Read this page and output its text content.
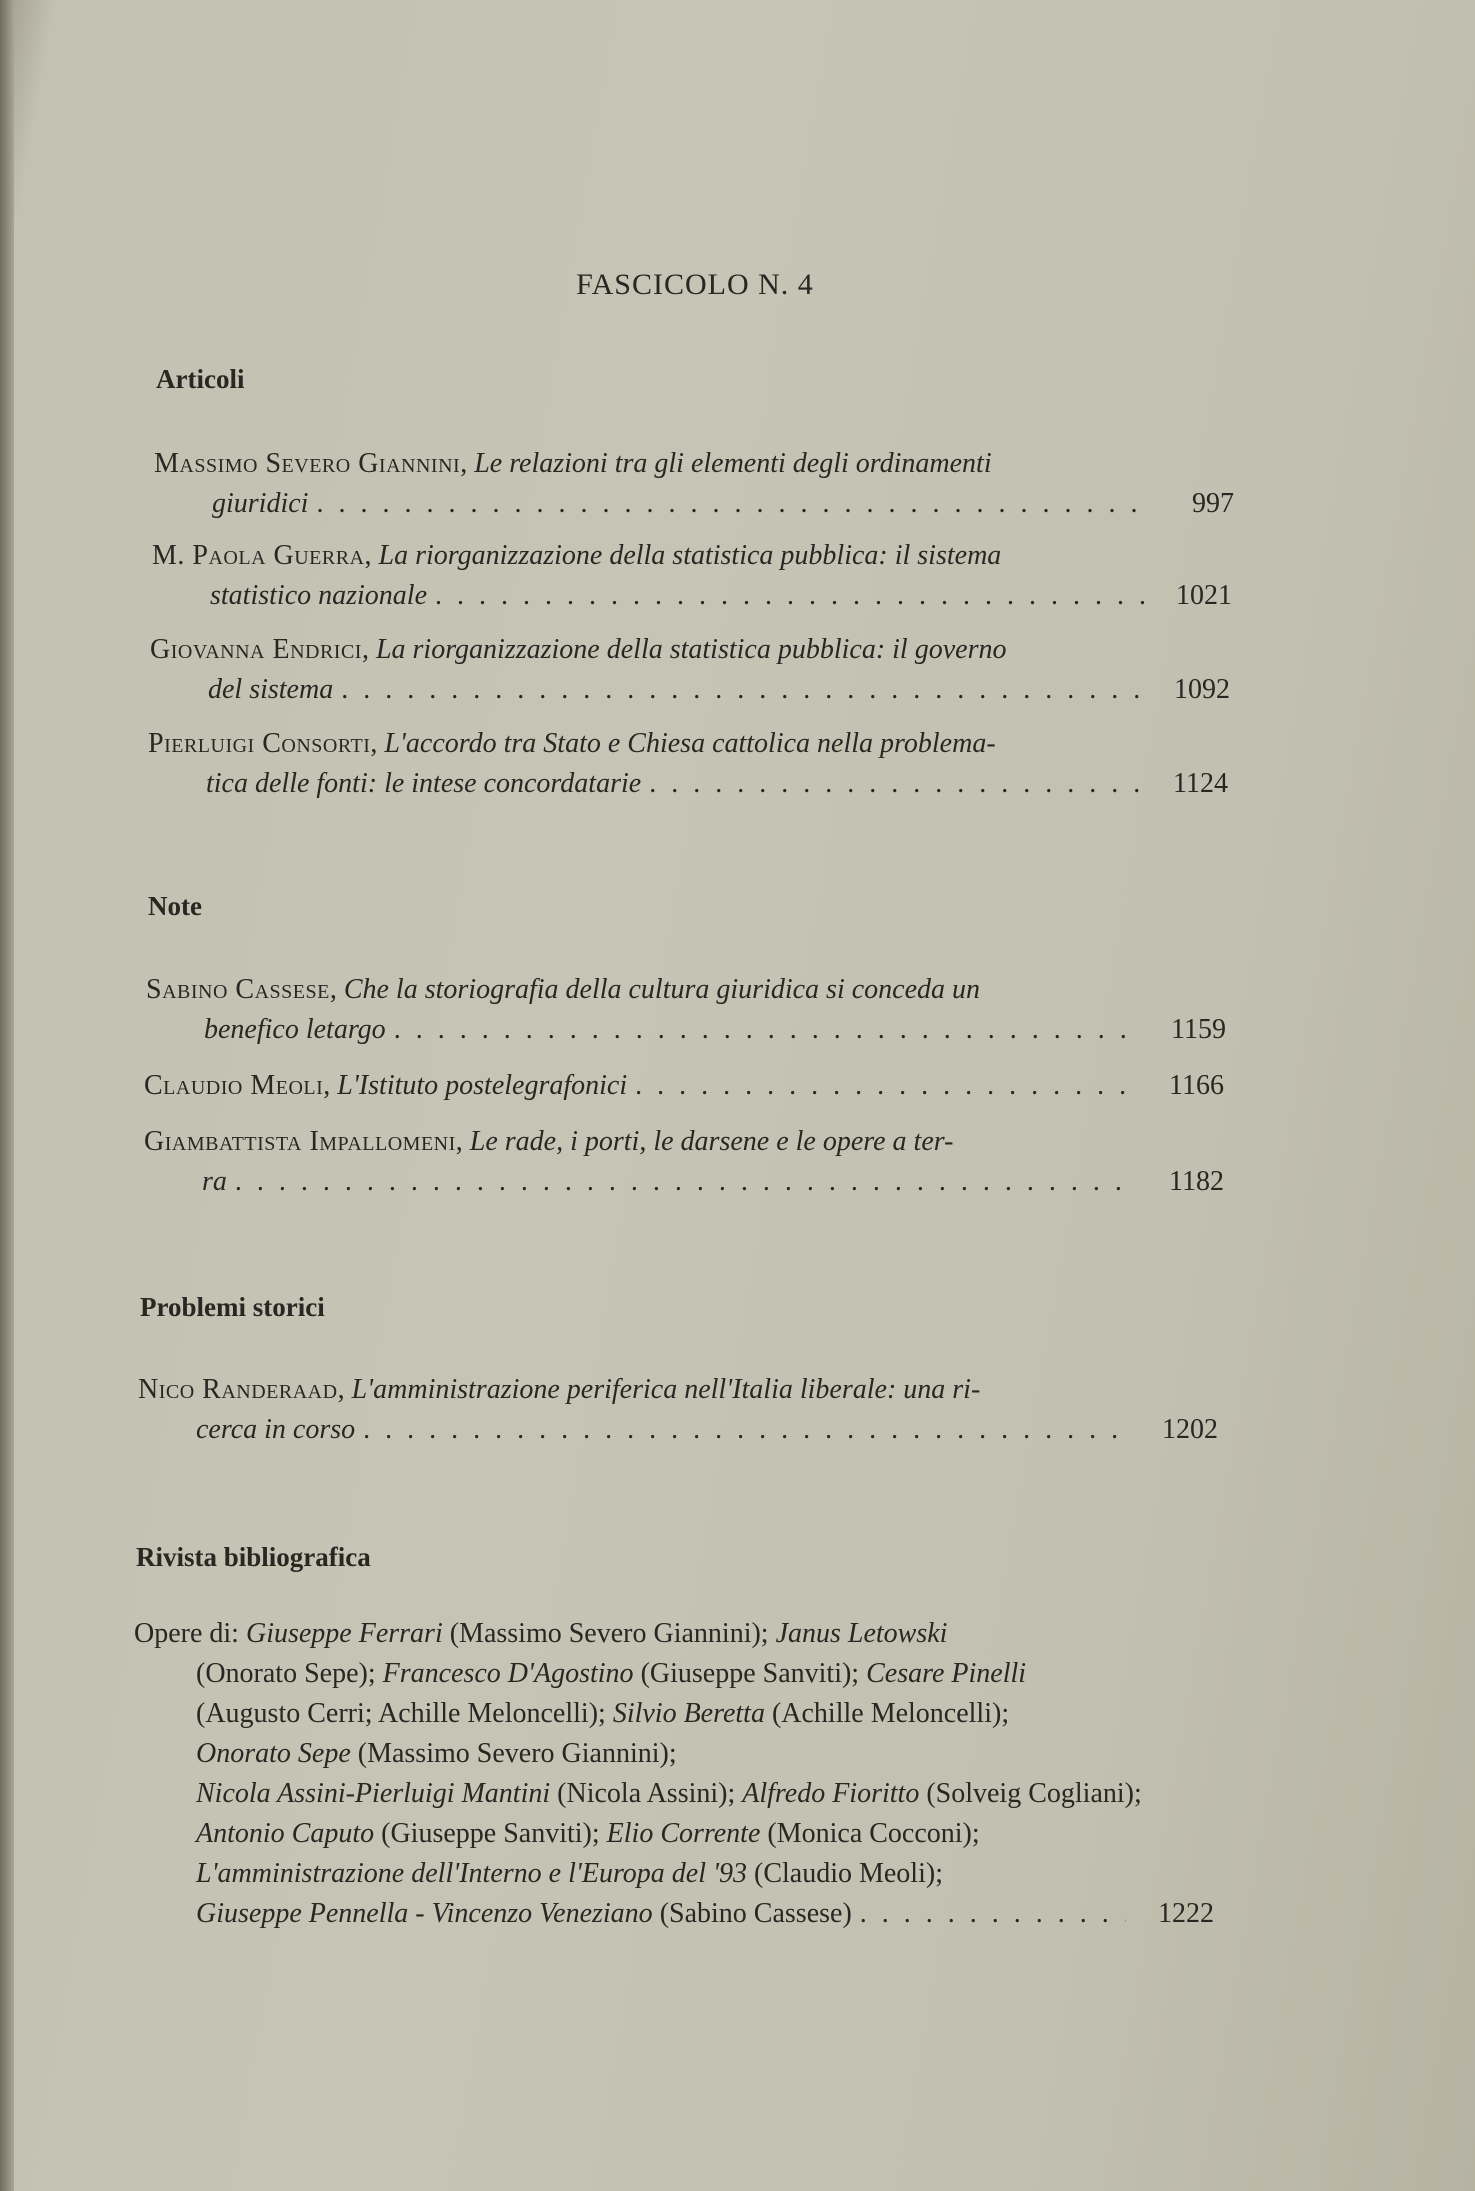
FASCICOLO N. 4
Articoli
Massimo Severo Giannini, Le relazioni tra gli elementi degli ordinamenti
giuridici . . .	997
M. Paola Guerra, La riorganizzazione della statistica pubblica: il sistema
statistico nazionale . . .	1021
Giovanna Endrici, La riorganizzazione della statistica pubblica: il governo
del sistema . . .	1092
Pierluigi Consorti, L'accordo tra Stato e Chiesa cattolica nella problema-
tica delle fonti: le intese concordatarie . . .	1124
Note
Sabino Cassese, Che la storiografia della cultura giuridica si conceda un
benefico letargo . . .	1159
Claudio Meoli , L'Istituto postelegrafonici . . .	1166
Giambattista Impallomeni, Le rade, i porti, le darsene e le opere a ter-
ra . . .	1182
Problemi storici
Nico Randeraad, L'amministrazione periferica nell'Italia liberale: una ri-
cerca in corso . . .	1202
Rivista bibliografica
Opere di: Giuseppe Ferrari (Massimo Severo Giannini); Janus Letowski
(Onorato Sepe); Francesco D'Agostino (Giuseppe Sanviti); Cesare Pinelli
(Augusto Cerri; Achille Meloncelli); Silvio Beretta (Achille Meloncelli);
Onorato Sepe (Massimo Severo Giannini);
Nicola Assini-Pierluigi Mantini (Nicola Assini); Alfredo Fioritto (Solveig Cogliani);
Antonio Caputo (Giuseppe Sanviti); Elio Corrente (Monica Cocconi);
L'amministrazione dell'Interno e l'Europa del '93 (Claudio Meoli);
Giuseppe Pennella - Vincenzo Veneziano
(Sabino Cassese) . . .	1222
